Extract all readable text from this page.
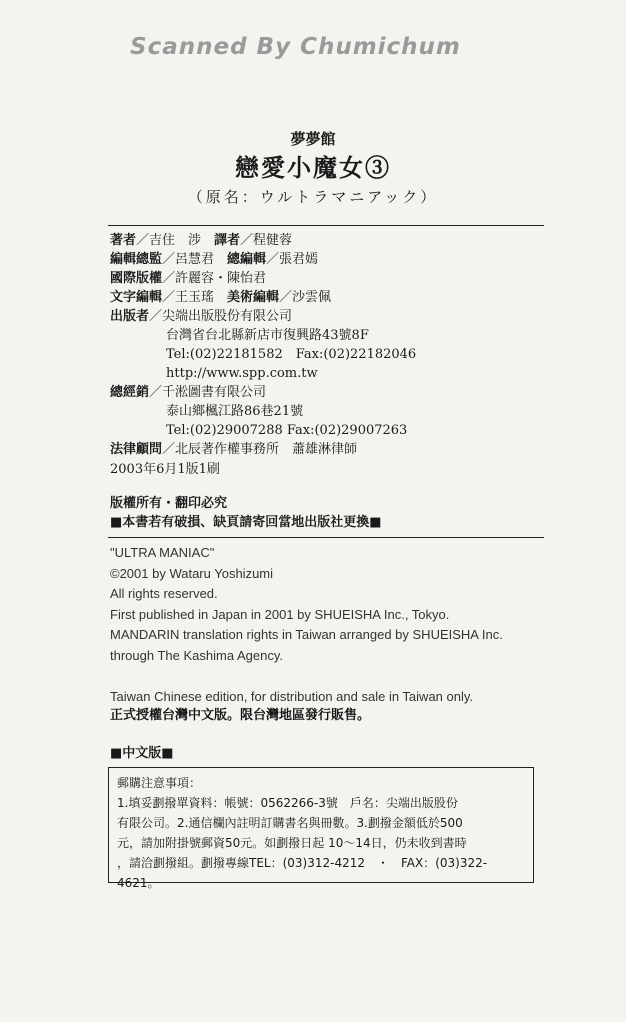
Scanned By Chumichum
夢夢館
戀愛小魔女③
（原名：ウルトラマニアック）
著者／吉住　涉　譯者／程健蓉
編輯總監／呂慧君　總編輯／張君嫣
國際版權／許麗容・陳怡君
文字編輯／王玉瑤　美術編輯／沙雲佩
出版者／尖端出版股份有限公司
台灣省台北縣新店市復興路43號8F
Tel:(02)22181582　Fax:(02)22182046
http://www.spp.com.tw
總經銷／千淞圖書有限公司
泰山鄉楓江路86巷21號
Tel:(02)29007288 Fax:(02)29007263
法律顧問／北辰著作權事務所　蕭雄淋律師
2003年6月1版1刷
版權所有・翻印必究
■本書若有破損、缺頁請寄回當地出版社更換■
"ULTRA MANIAC"
©2001 by Wataru Yoshizumi
All rights reserved.
First published in Japan in 2001 by SHUEISHA Inc., Tokyo.
MANDARIN translation rights in Taiwan arranged by SHUEISHA Inc.
through The Kashima Agency.
Taiwan Chinese edition, for distribution and sale in Taiwan only.
正式授權台灣中文版。限台灣地區發行販售。
■中文版■
郵購注意事項：
1.填妥劃撥單資料：帳號：0562266-3號　戶名：尖端出版股份
有限公司。2.通信欄內註明訂購書名與冊數。3.劃撥金額低於500
元，請加附掛號郵資50元。如劃撥日起 10～14日，仍未收到書時
，請洽劃撥組。劃撥專線TEL：(03)312-4212　・　FAX：(03)322-
4621。
